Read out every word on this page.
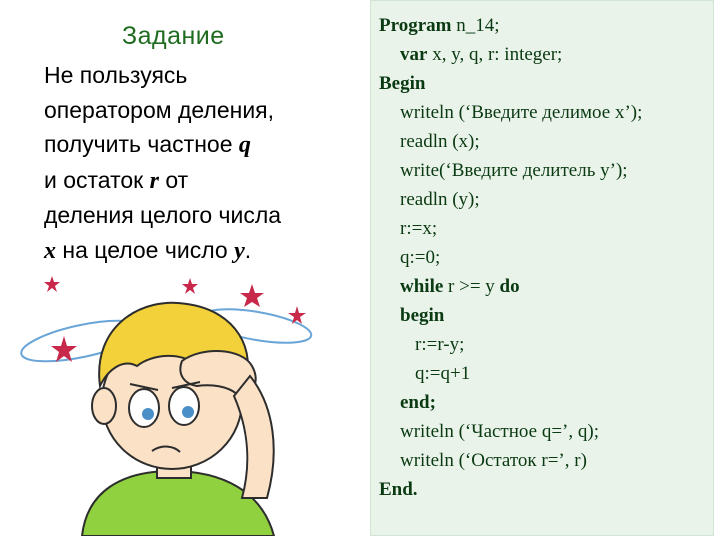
Задание
Не пользуясь
оператором деления,
получить частное q
и остаток r от
деления целого числа
x на целое число y.
Program n_14;
var x, y, q, r: integer;
Begin
writeln (‘Введите делимое x’);
readln (x);
write(‘Введите делитель y’);
readln (y);
r:=x;
q:=0;
while r >= y do
begin
r:=r-y;
q:=q+1
end;
writeln (‘Частное q=’, q);
writeln (‘Остаток r=’, r)
End.
